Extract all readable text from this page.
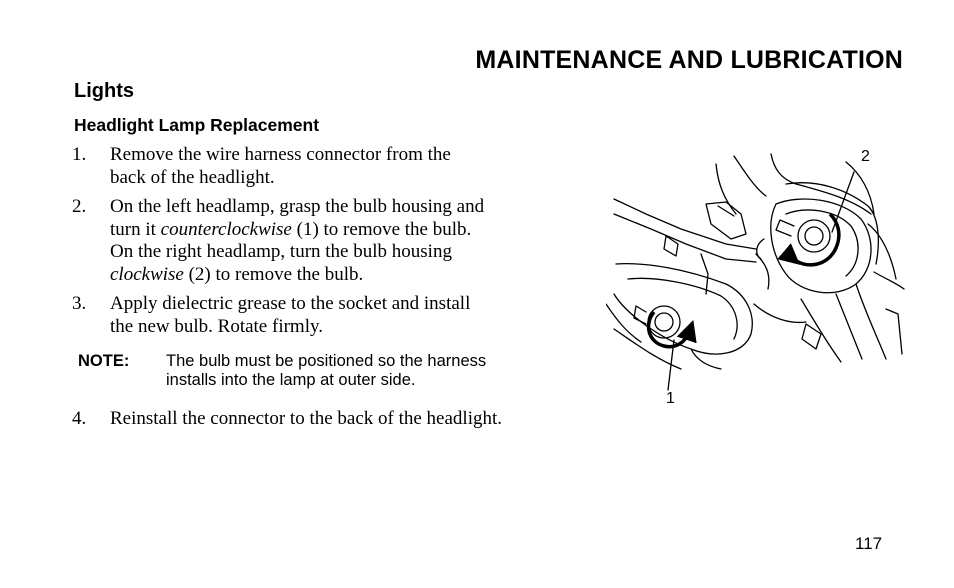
MAINTENANCE AND LUBRICATION
Lights
Headlight Lamp Replacement
1.	Remove the wire harness connector from the
back of the headlight.
2.	On the left headlamp, grasp the bulb housing and
turn it counterclockwise (1) to remove the bulb.
On the right headlamp, turn the bulb housing
clockwise (2) to remove the bulb.
3.	Apply dielectric grease to the socket and install
the new bulb. Rotate firmly.
NOTE:	The bulb must be positioned so the harness
installs into the lamp at outer side.
4.	Reinstall the connector to the back of the headlight.
2
1
117
